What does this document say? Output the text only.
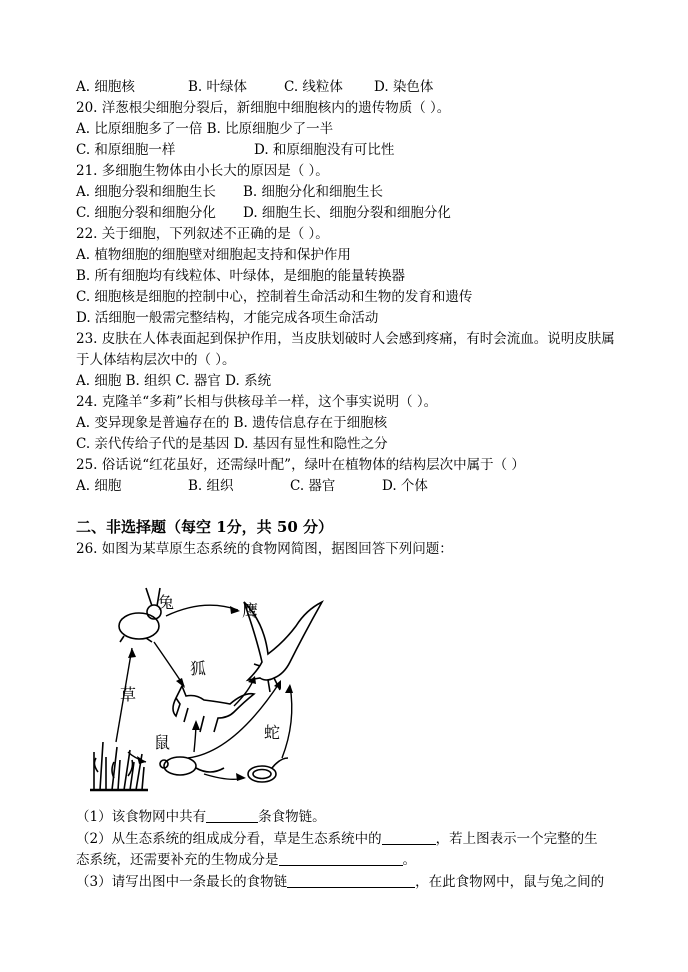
A. 细胞核	B. 叶绿体	C. 线粒体 D. 染色体
20. 洋葱根尖细胞分裂后，新细胞中细胞核内的遗传物质（ ）。
A. 比原细胞多了一倍 B. 比原细胞少了一半
C. 和原细胞一样	D. 和原细胞没有可比性
21. 多细胞生物体由小长大的原因是（ ）。
A. 细胞分裂和细胞生长 B. 细胞分化和细胞生长
C. 细胞分裂和细胞分化 D. 细胞生长、细胞分裂和细胞分化
22. 关于细胞，下列叙述不正确的是（ ）。
A. 植物细胞的细胞壁对细胞起支持和保护作用
B. 所有细胞均有线粒体、叶绿体，是细胞的能量转换器
C. 细胞核是细胞的控制中心，控制着生命活动和生物的发育和遗传
D. 活细胞一般需完整结构，才能完成各项生命活动
23. 皮肤在人体表面起到保护作用，当皮肤划破时人会感到疼痛，有时会流血。说明皮肤属
于人体结构层次中的（ ）。
A. 细胞 B. 组织 C. 器官 D. 系统
24. 克隆羊“多莉”长相与供核母羊一样，这个事实说明（ ）。
A. 变异现象是普遍存在的 B. 遗传信息存在于细胞核
C. 亲代传给子代的是基因 D. 基因有显性和隐性之分
25. 俗话说“红花虽好，还需绿叶配”，绿叶在植物体的结构层次中属于（ ）
A. 细胞	B. 组织	C. 器官	D. 个体
二、非选择题（每空 1分，共 50 分）
26. 如图为某草原生态系统的食物网简图，据图回答下列问题：
兔	鹰
狐
草
鼠
蛇
（1）该食物网中共有	条食物链。
（2）从生态系统的组成成分看，草是生态系统中的	，若上图表示一个完整的生
态系统，还需要补充的生物成分是	。
（3）请写出图中一条最长的食物链	，在此食物网中，鼠与兔之间的
